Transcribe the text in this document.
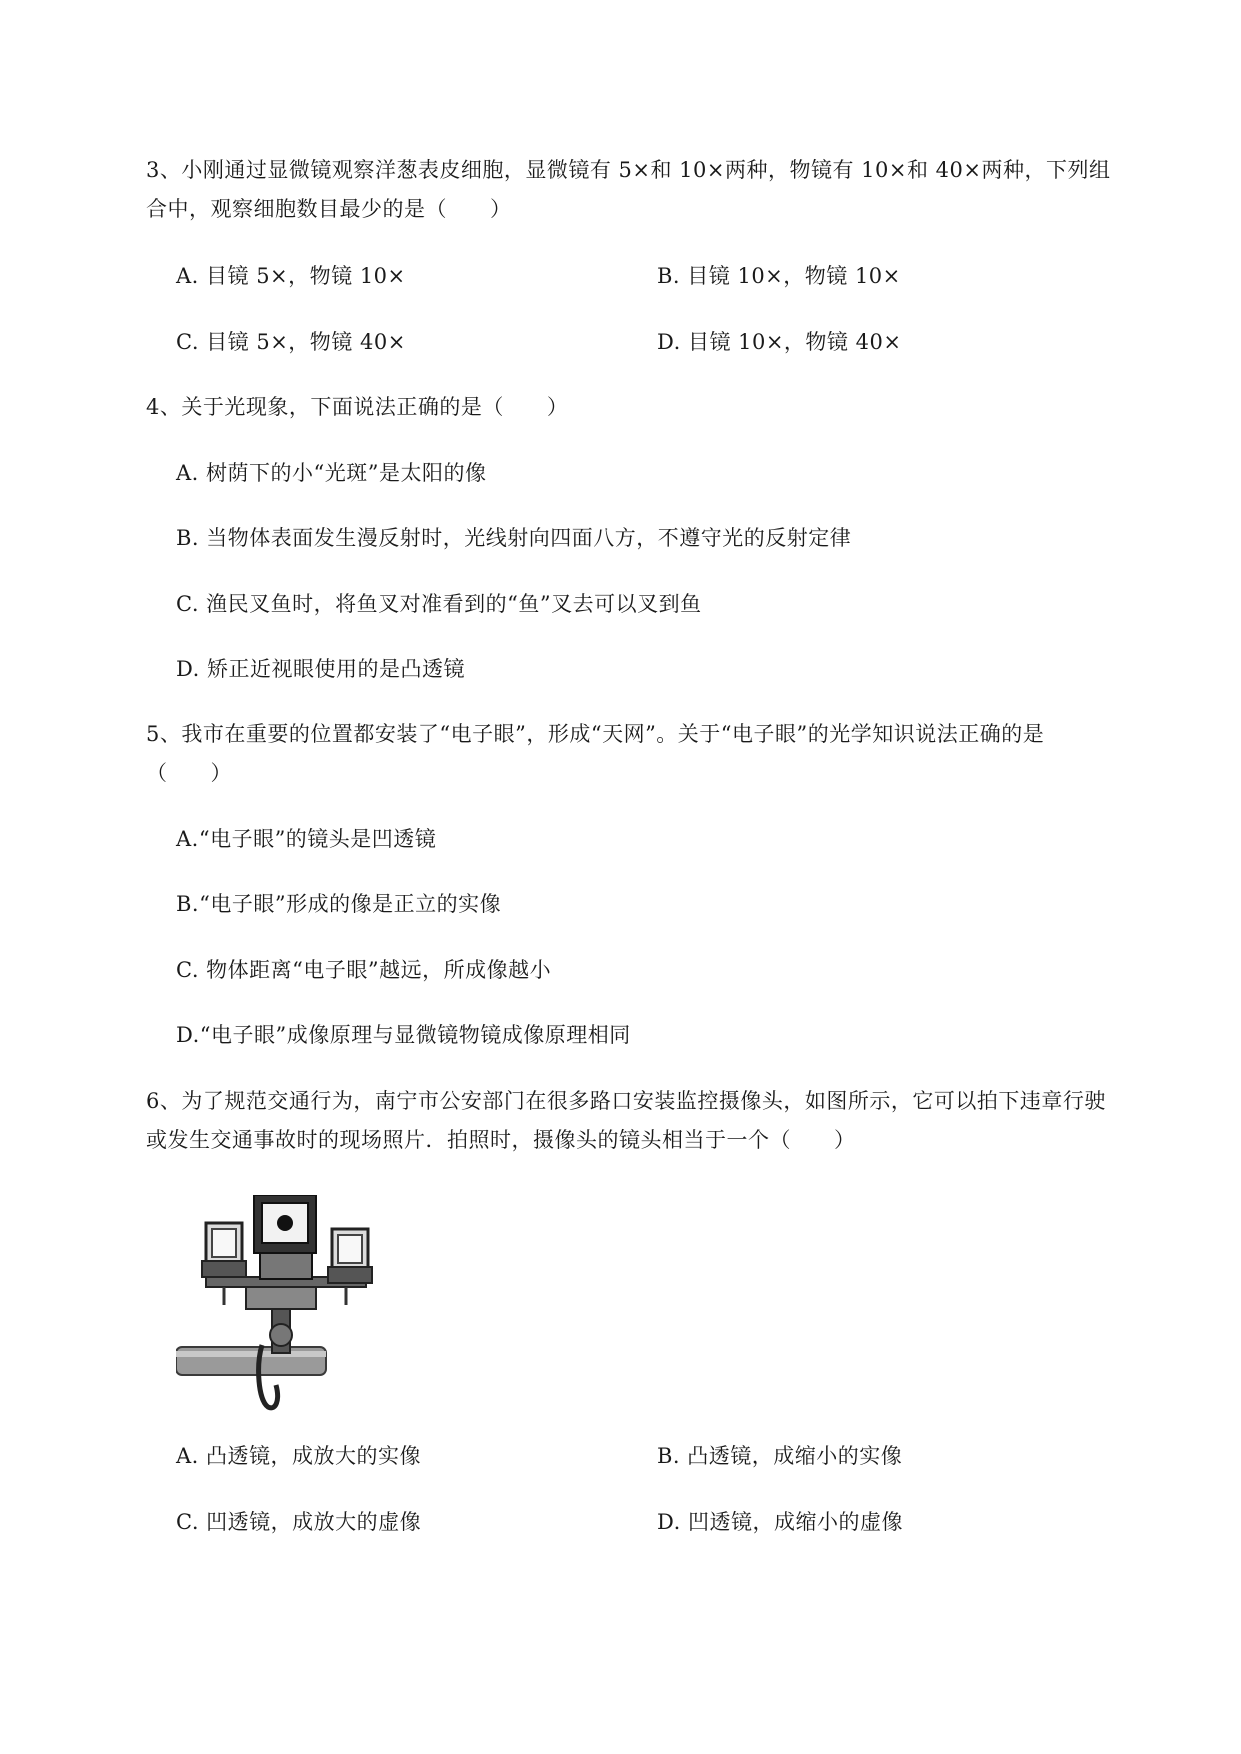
3、小刚通过显微镜观察洋葱表皮细胞，显微镜有 5×和 10×两种，物镜有 10×和 40×两种，下列组
合中，观察细胞数目最少的是（　　）
A. 目镜 5×，物镜 10×	B. 目镜 10×，物镜 10×
C. 目镜 5×，物镜 40×	D. 目镜 10×，物镜 40×
4、关于光现象，下面说法正确的是（　　）
A. 树荫下的小“光斑”是太阳的像
B. 当物体表面发生漫反射时，光线射向四面八方，不遵守光的反射定律
C. 渔民叉鱼时，将鱼叉对准看到的“鱼”叉去可以叉到鱼
D. 矫正近视眼使用的是凸透镜
5、我市在重要的位置都安装了“电子眼”，形成“天网”。关于“电子眼”的光学知识说法正确的是
（　　）
A.“电子眼”的镜头是凹透镜
B.“电子眼”形成的像是正立的实像
C. 物体距离“电子眼”越远，所成像越小
D.“电子眼”成像原理与显微镜物镜成像原理相同
6、为了规范交通行为，南宁市公安部门在很多路口安装监控摄像头，如图所示，它可以拍下违章行驶
或发生交通事故时的现场照片．拍照时，摄像头的镜头相当于一个（　　）
A. 凸透镜，成放大的实像	B. 凸透镜，成缩小的实像
C. 凹透镜，成放大的虚像	D. 凹透镜，成缩小的虚像
